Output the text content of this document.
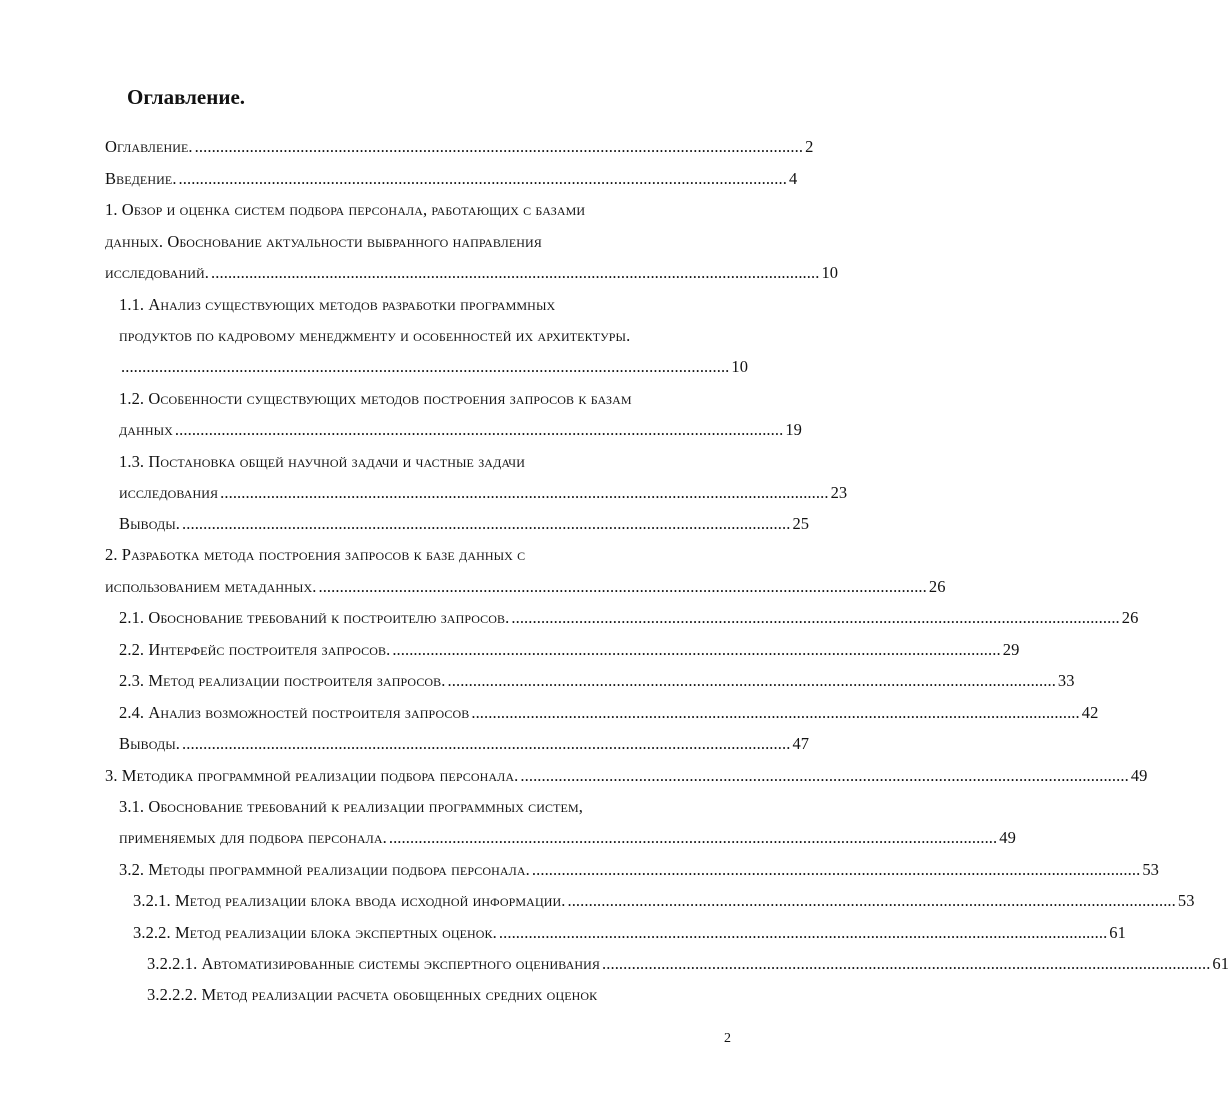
Оглавление.
Оглавление. ................................................................................................................................................ 2
Введение. ................................................................................................................................................ 4
1. Обзор и оценка систем подбора персонала, работающих с базами
данных. Обоснование актуальности выбранного направления
исследований. ................................................................................................................................................ 10
1.1. Анализ существующих методов разработки программных
продуктов по кадровому менеджменту и особенностей их архитектуры.
................................................................................................................................................ 10
1.2. Особенности существующих методов построения запросов к базам
данных ................................................................................................................................................ 19
1.3. Постановка общей научной задачи и частные задачи
исследования ................................................................................................................................................ 23
Выводы. ................................................................................................................................................ 25
2. Разработка метода построения запросов к базе данных с
использованием метаданных. ................................................................................................................................................ 26
2.1. Обоснование требований к построителю запросов. ................................................................................................................................................ 26
2.2. Интерфейс построителя запросов. ................................................................................................................................................ 29
2.3. Метод реализации построителя запросов. ................................................................................................................................................ 33
2.4. Анализ возможностей построителя запросов ................................................................................................................................................ 42
Выводы. ................................................................................................................................................ 47
3. Методика программной реализации подбора персонала. ................................................................................................................................................ 49
3.1. Обоснование требований к реализации программных систем,
применяемых для подбора персонала. ................................................................................................................................................ 49
3.2. Методы программной реализации подбора персонала. ................................................................................................................................................ 53
3.2.1. Метод реализации блока ввода исходной информации. ................................................................................................................................................ 53
3.2.2. Метод реализации блока экспертных оценок. ................................................................................................................................................ 61
3.2.2.1. Автоматизированные системы экспертного оценивания ................................................................................................................................................ 61
3.2.2.2. Метод реализации расчета обобщенных средних оценок
2
